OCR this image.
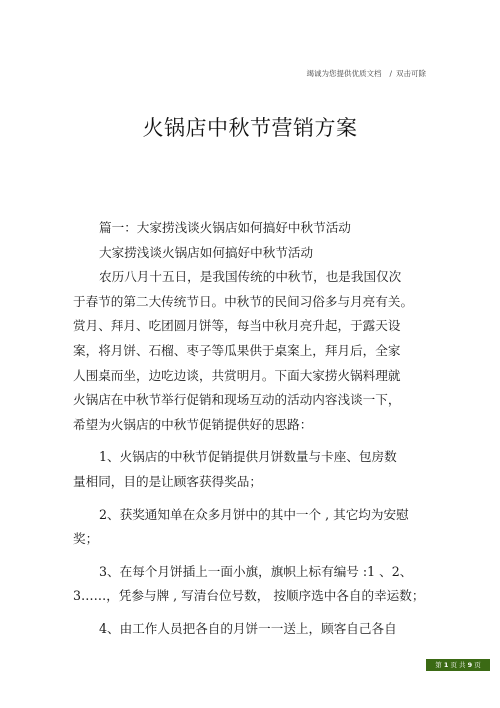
竭诚为您提供优质文档 / 双击可除
火锅店中秋节营销方案
篇一：大家捞浅谈火锅店如何搞好中秋节活动
大家捞浅谈火锅店如何搞好中秋节活动
农历八月十五日，是我国传统的中秋节，也是我国仅次
于春节的第二大传统节日。中秋节的民间习俗多与月亮有关。
赏月、拜月、吃团圆月饼等，每当中秋月亮升起，于露天设
案，将月饼、石榴、枣子等瓜果供于桌案上，拜月后，全家
人围桌而坐，边吃边谈，共赏明月。下面大家捞火锅料理就
火锅店在中秋节举行促销和现场互动的活动内容浅谈一下，
希望为火锅店的中秋节促销提供好的思路：
1、火锅店的中秋节促销提供月饼数量与卡座、包房数
量相同，目的是让顾客获得奖品；
2、获奖通知单在众多月饼中的其中一个 , 其它均为安慰
奖；
3、在每个月饼插上一面小旗，旗帜上标有编号 :1 、2、
3……，凭参与牌 , 写清台位号数， 按顺序选中各自的幸运数；
4、由工作人员把各自的月饼一一送上，顾客自己各自
第 1 页 共 9 页
